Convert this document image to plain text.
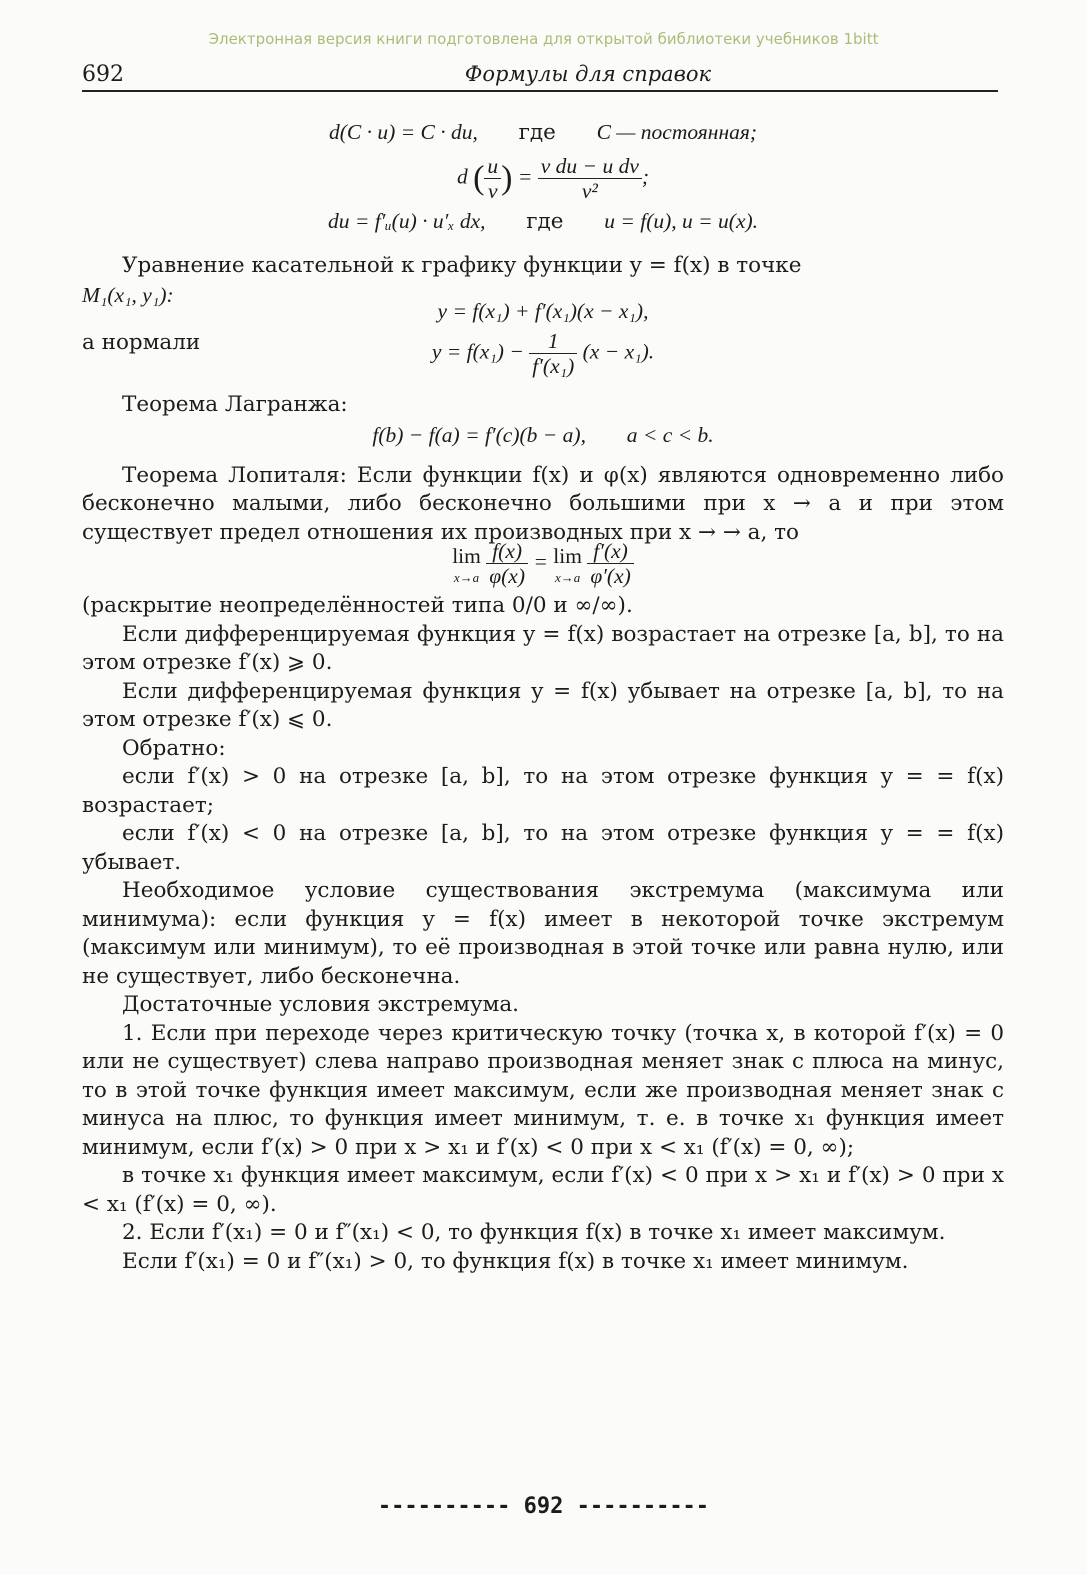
Электронная версия книги подготовлена для открытой библиотеки учебников 1bitt
692	Формулы для справок
d(C · u) = C · du, где C — постоянная;
d ( $\frac{u}{v}$ ) = $\frac{\text{v du − u dv}}{\text{v²}}$ ;
du = f′ᵤ(u) · u′ₓ dx, где u = f(u), u = u(x).

Уравнение касательной к графику функции y = f(x) в точке

M₁(x₁, y₁):
y = f(x₁) + f′(x₁)(x − x₁),
а нормали	$y = f(x_1) - \frac{1}{\text{f′(x₁)}} (x - x_1)$.

Теорема Лагранжа:

f(b) − f(a) = f′(c)(b − a), a < c < b.

Теорема Лопиталя: Если функции f(x) и φ(x) являются одновременно либо бесконечно малыми, либо бесконечно большими при x → a и при этом существует предел отношения их производных при x → → a, то

lim
x→a
$\frac{f(x)}{\varphi(x)} = \lim$
x→a
$\frac{f'(x)}{\varphi'(x)}$

(раскрытие неопределённостей типа 0/0 и ∞/∞).

Если дифференцируемая функция y = f(x) возрастает на отрезке [a, b], то на этом отрезке f′(x) ⩾ 0.

Если дифференцируемая функция y = f(x) убывает на отрезке [a, b], то на этом отрезке f′(x) ⩽ 0.

Обратно:

если f′(x) > 0 на отрезке [a, b], то на этом отрезке функция y = = f(x) возрастает;

если f′(x) < 0 на отрезке [a, b], то на этом отрезке функция y = = f(x) убывает.

Необходимое условие существования экстремума (максимума или минимума): если функция y = f(x) имеет в некоторой точке экстремум (максимум или минимум), то её производная в этой точке или равна нулю, или не существует, либо бесконечна.

Достаточные условия экстремума.

1. Если при переходе через критическую точку (точка x, в которой f′(x) = 0 или не существует) слева направо производная меняет знак с плюса на минус, то в этой точке функция имеет максимум, если же производная меняет знак с минуса на плюс, то функция имеет минимум, т. е. в точке x₁ функция имеет минимум, если f′(x) > 0 при x > x₁ и f′(x) < 0 при x < x₁ (f′(x) = 0, ∞);

в точке x₁ функция имеет максимум, если f′(x) < 0 при x > x₁ и f′(x) > 0 при x < x₁ (f′(x) = 0, ∞).

2. Если f′(x₁) = 0 и f″(x₁) < 0, то функция f(x) в точке x₁ имеет максимум.

Если f′(x₁) = 0 и f″(x₁) > 0, то функция f(x) в точке x₁ имеет минимум.

---------- 692 ----------
